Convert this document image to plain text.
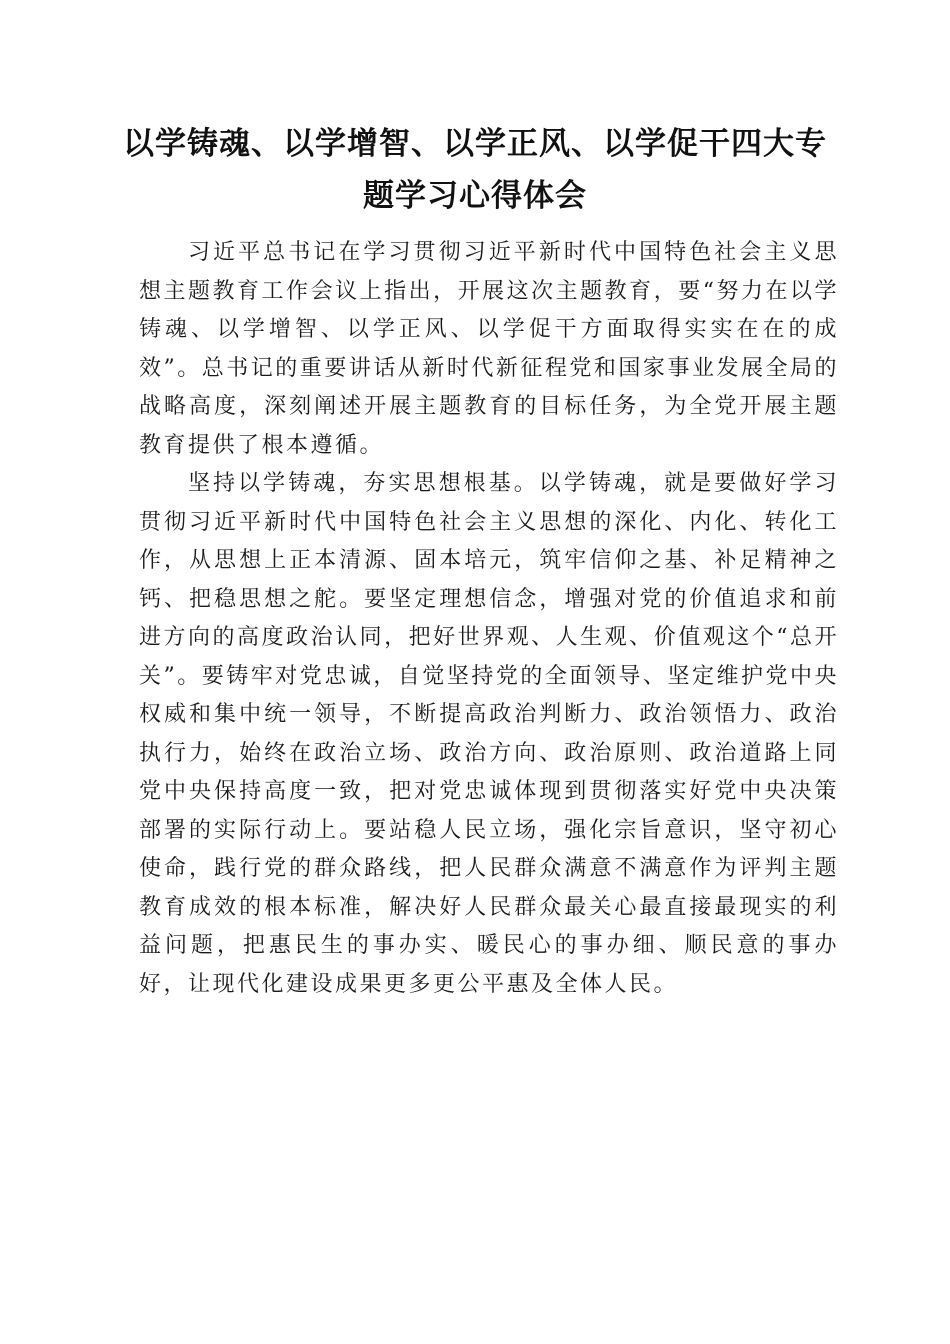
以学铸魂、以学增智、以学正风、以学促干四大专题学习心得体会

习近平总书记在学习贯彻习近平新时代中国特色社会主义思想主题教育工作会议上指出，开展这次主题教育，要“努力在以学铸魂、以学增智、以学正风、以学促干方面取得实实在在的成效”。总书记的重要讲话从新时代新征程党和国家事业发展全局的战略高度，深刻阐述开展主题教育的目标任务，为全党开展主题教育提供了根本遵循。

坚持以学铸魂，夯实思想根基。以学铸魂，就是要做好学习贯彻习近平新时代中国特色社会主义思想的深化、内化、转化工作，从思想上正本清源、固本培元，筑牢信仰之基、补足精神之钙、把稳思想之舵。要坚定理想信念，增强对党的价值追求和前进方向的高度政治认同，把好世界观、人生观、价值观这个“总开关”。要铸牢对党忠诚，自觉坚持党的全面领导、坚定维护党中央权威和集中统一领导，不断提高政治判断力、政治领悟力、政治执行力，始终在政治立场、政治方向、政治原则、政治道路上同党中央保持高度一致，把对党忠诚体现到贯彻落实好党中央决策部署的实际行动上。要站稳人民立场，强化宗旨意识，坚守初心使命，践行党的群众路线，把人民群众满意不满意作为评判主题教育成效的根本标准，解决好人民群众最关心最直接最现实的利益问题，把惠民生的事办实、暖民心的事办细、顺民意的事办好，让现代化建设成果更多更公平惠及全体人民。
